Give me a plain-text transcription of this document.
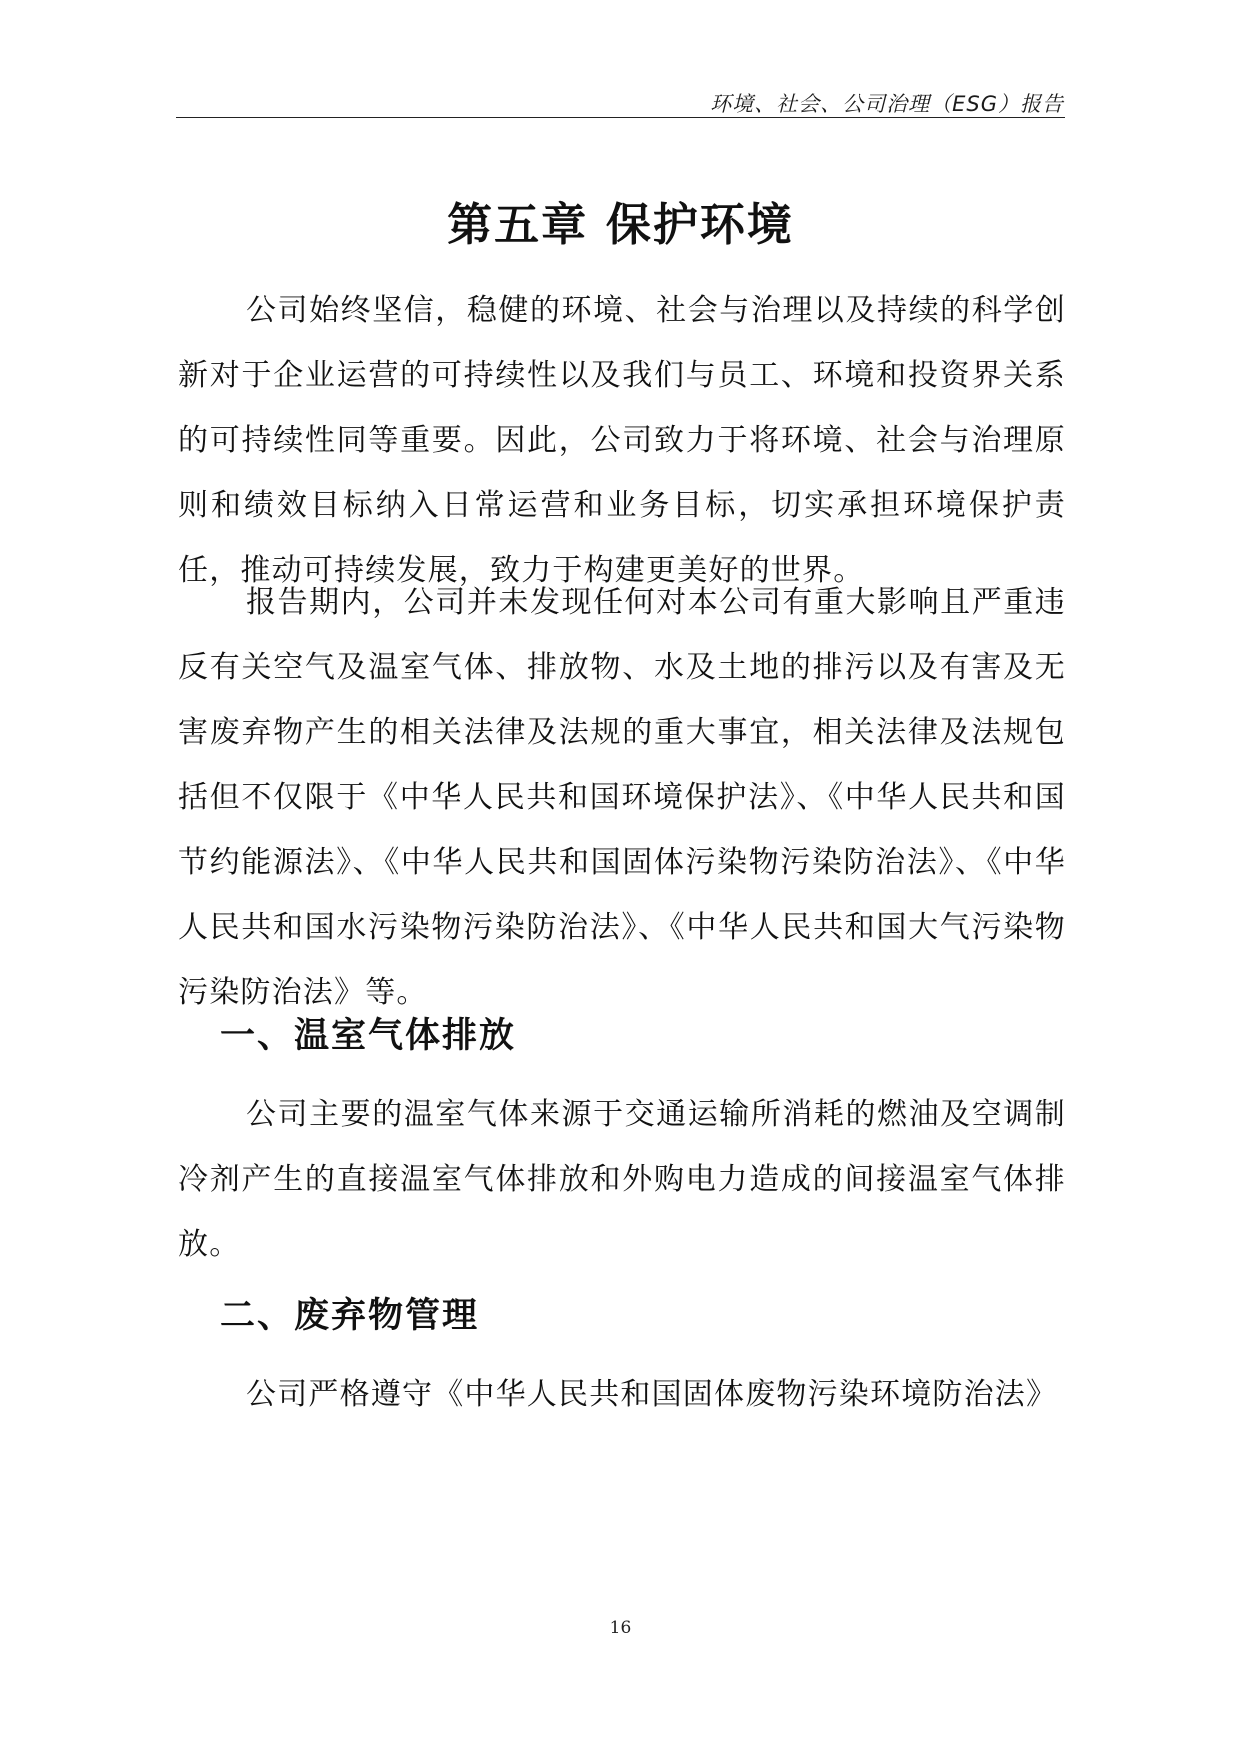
环境、社会、公司治理（ESG）报告
第五章 保护环境

公司始终坚信，稳健的环境、社会与治理以及持续的科学创新对于企业运营的可持续性以及我们与员工、环境和投资界关系的可持续性同等重要。因此，公司致力于将环境、社会与治理原则和绩效目标纳入日常运营和业务目标，切实承担环境保护责任，推动可持续发展，致力于构建更美好的世界。

报告期内，公司并未发现任何对本公司有重大影响且严重违反有关空气及温室气体、排放物、水及土地的排污以及有害及无害废弃物产生的相关法律及法规的重大事宜，相关法律及法规包括但不仅限于《中华人民共和国环境保护法》、《中华人民共和国节约能源法》、《中华人民共和国固体污染物污染防治法》、《中华人民共和国水污染物污染防治法》、《中华人民共和国大气污染物污染防治法》等。

一、温室气体排放

公司主要的温室气体来源于交通运输所消耗的燃油及空调制冷剂产生的直接温室气体排放和外购电力造成的间接温室气体排放。

二、废弃物管理

公司严格遵守《中华人民共和国固体废物污染环境防治法》

16
